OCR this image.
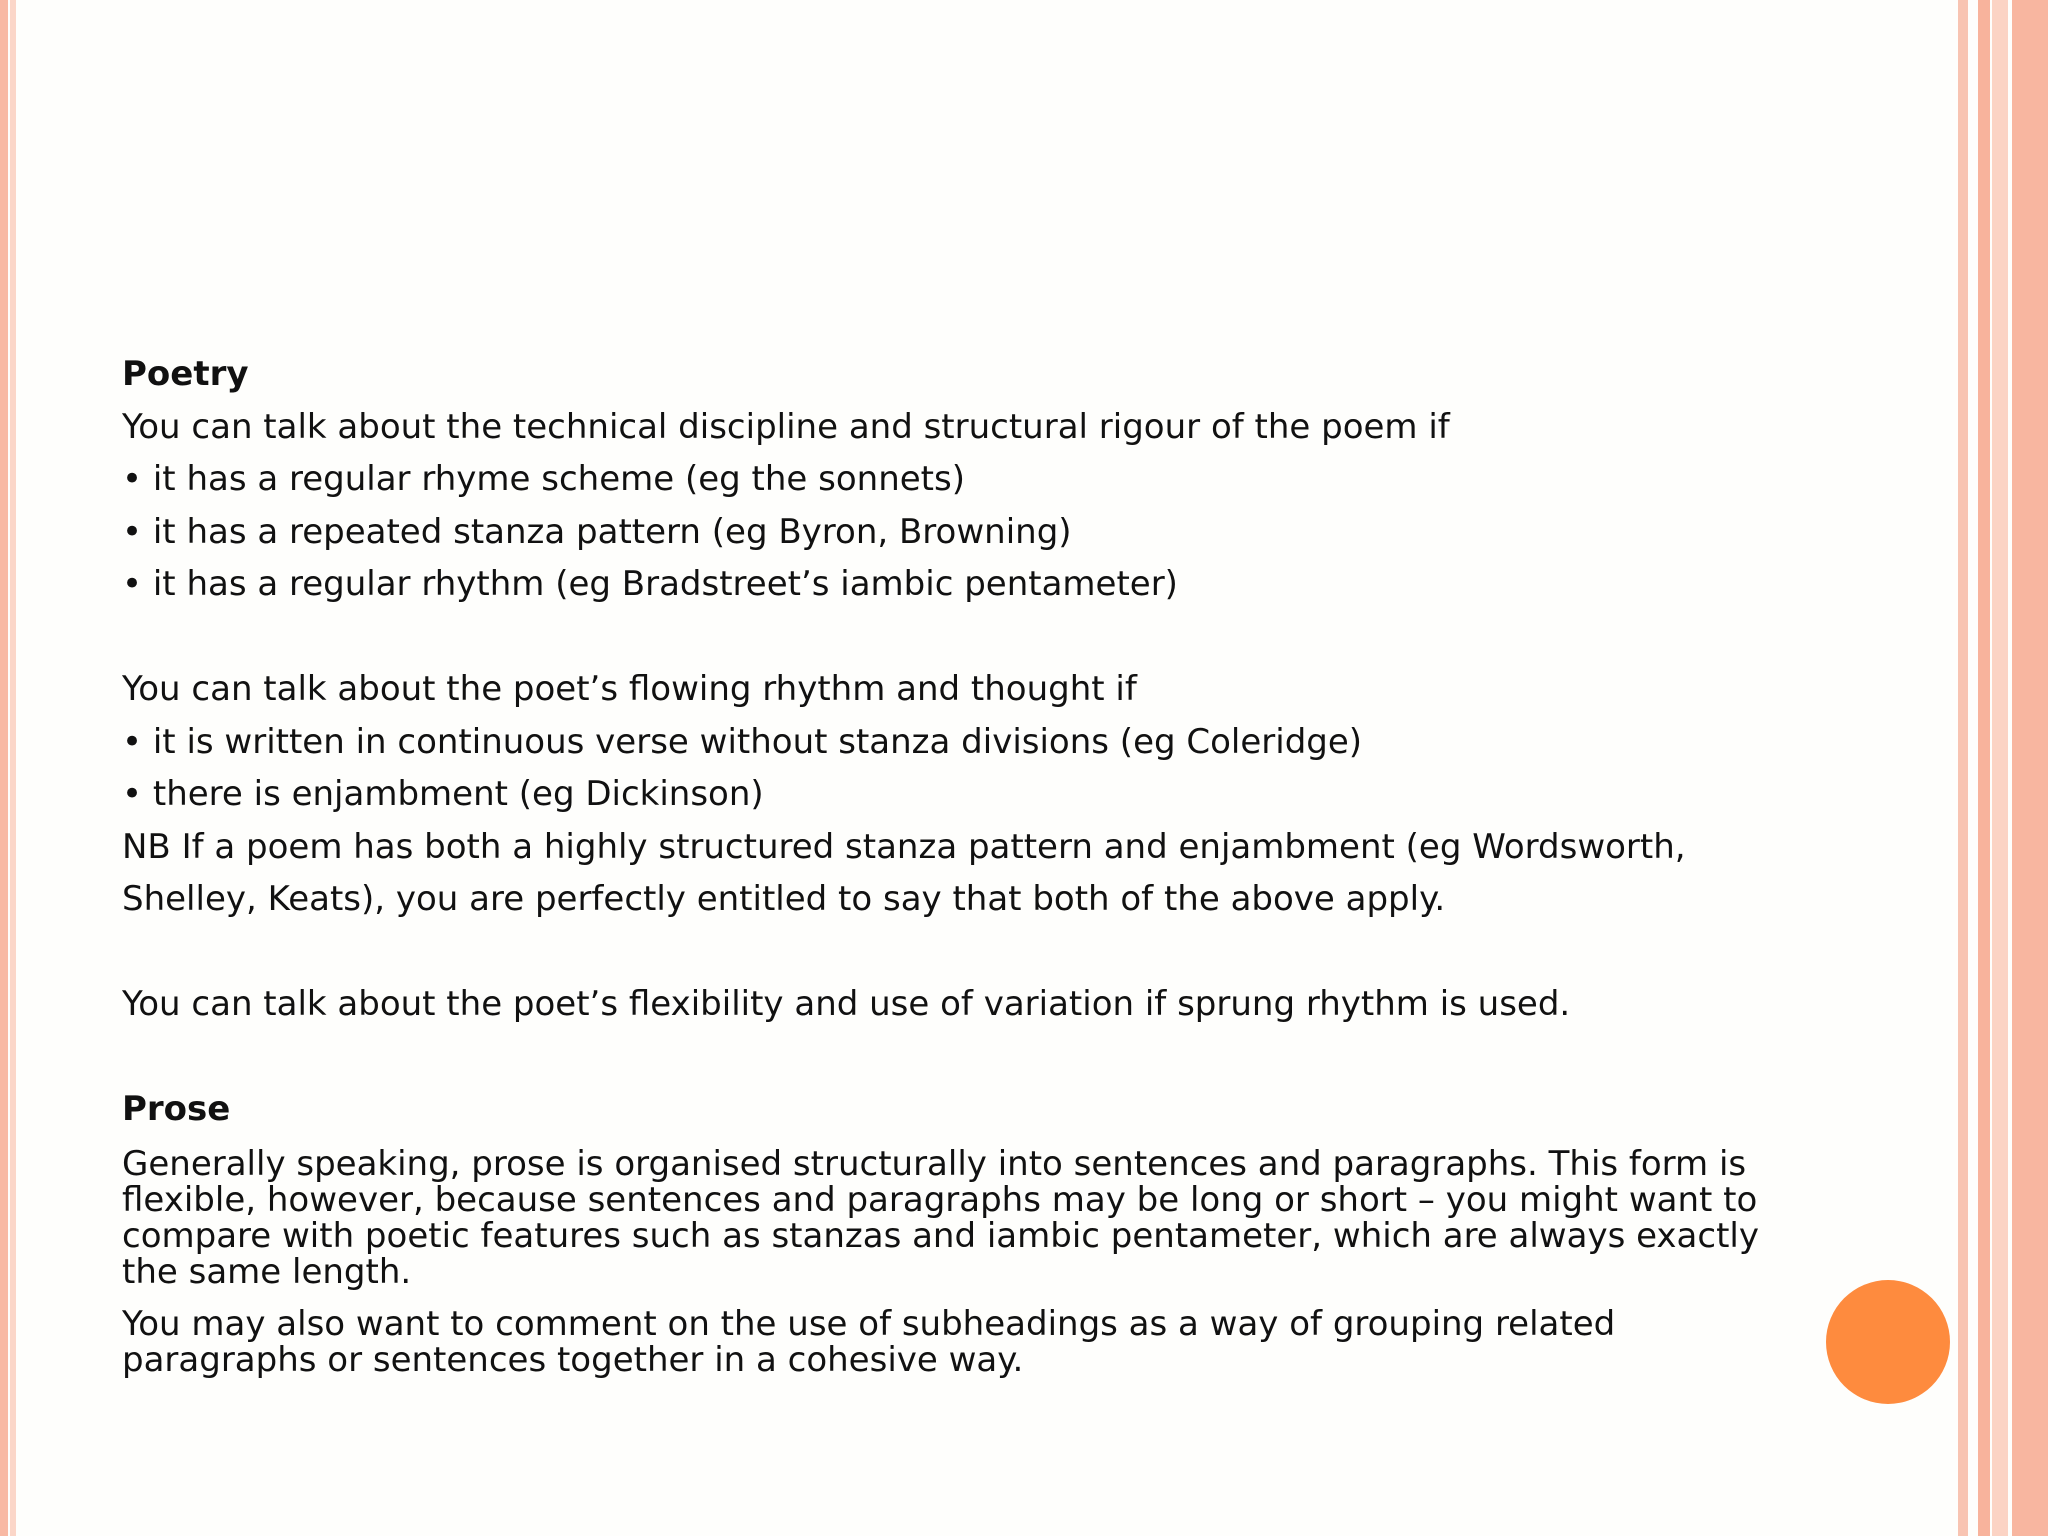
Poetry
You can talk about the technical discipline and structural rigour of the poem if
• it has a regular rhyme scheme (eg the sonnets)
• it has a repeated stanza pattern (eg Byron, Browning)
• it has a regular rhythm (eg Bradstreet’s iambic pentameter)
You can talk about the poet’s flowing rhythm and thought if
• it is written in continuous verse without stanza divisions (eg Coleridge)
• there is enjambment (eg Dickinson)
NB If a poem has both a highly structured stanza pattern and enjambment (eg Wordsworth,
Shelley, Keats), you are perfectly entitled to say that both of the above apply.
You can talk about the poet’s flexibility and use of variation if sprung rhythm is used.
Prose

Generally speaking, prose is organised structurally into sentences and paragraphs. This form is flexible, however, because sentences and paragraphs may be long or short – you might want to compare with poetic features such as stanzas and iambic pentameter, which are always exactly the same length.

You may also want to comment on the use of subheadings as a way of grouping related paragraphs or sentences together in a cohesive way.
